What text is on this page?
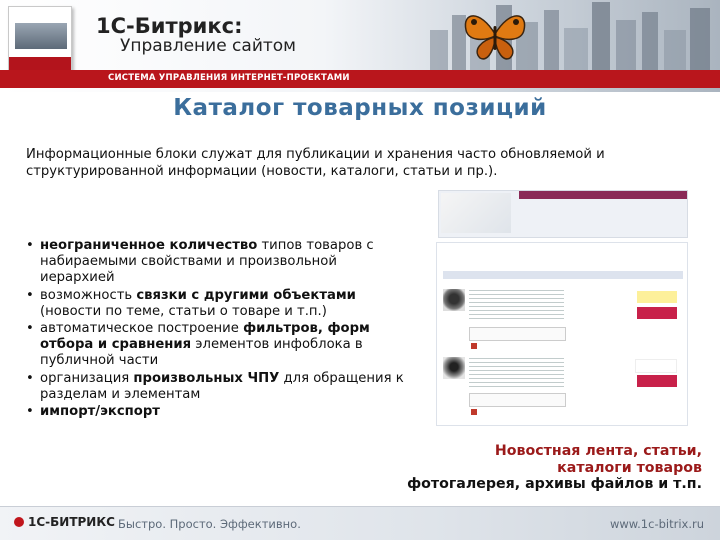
1С-Битрикс:
Управление сайтом
СИСТЕМА УПРАВЛЕНИЯ ИНТЕРНЕТ-ПРОЕКТАМИ
Каталог товарных позиций
Информационные блоки служат для публикации и хранения часто обновляемой и структурированной информации (новости, каталоги, статьи и пр.).
• неограниченное количество типов товаров с набираемыми свойствами и произвольной иерархией
• возможность связки с другими объектами (новости по теме, статьи о товаре и т.п.)
• автоматическое построение фильтров, форм отбора и сравнения элементов инфоблока в публичной части
• организация произвольных ЧПУ для обращения к разделам и элементам
• импорт/экспорт
Новостная лента, статьи,
каталоги товаров
фотогалерея, архивы файлов и т.п.
1С-БИТРИКС Быстро. Просто. Эффективно.	www.1c-bitrix.ru
